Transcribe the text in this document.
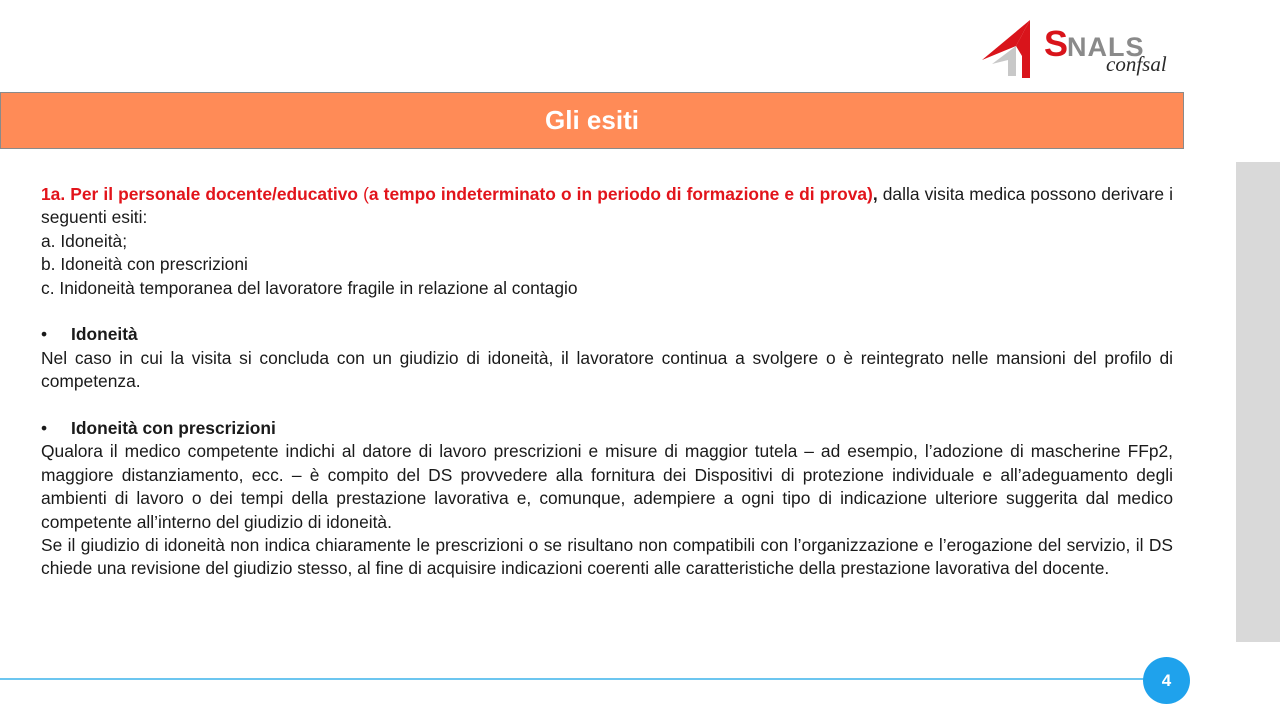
SNALS
confsal
Gli esiti

1a. Per il personale docente/educativo (a tempo indeterminato o in periodo di formazione e di prova), dalla visita medica possono derivare i seguenti esiti:

a. Idoneità;

b. Idoneità con prescrizioni

c. Inidoneità temporanea del lavoratore fragile in relazione al contagio

•	Idoneità

Nel caso in cui la visita si concluda con un giudizio di idoneità, il lavoratore continua a svolgere o è reintegrato nelle mansioni del profilo di competenza.

•	Idoneità con prescrizioni

Qualora il medico competente indichi al datore di lavoro prescrizioni e misure di maggior tutela – ad esempio, l’adozione di mascherine FFp2, maggiore distanziamento, ecc. – è compito del DS provvedere alla fornitura dei Dispositivi di protezione individuale e all’adeguamento degli ambienti di lavoro o dei tempi della prestazione lavorativa e, comunque, adempiere a ogni tipo di indicazione ulteriore suggerita dal medico competente all’interno del giudizio di idoneità.

Se il giudizio di idoneità non indica chiaramente le prescrizioni o se risultano non compatibili con l’organizzazione e l’erogazione del servizio, il DS chiede una revisione del giudizio stesso, al fine di acquisire indicazioni coerenti alle caratteristiche della prestazione lavorativa del docente.

4
